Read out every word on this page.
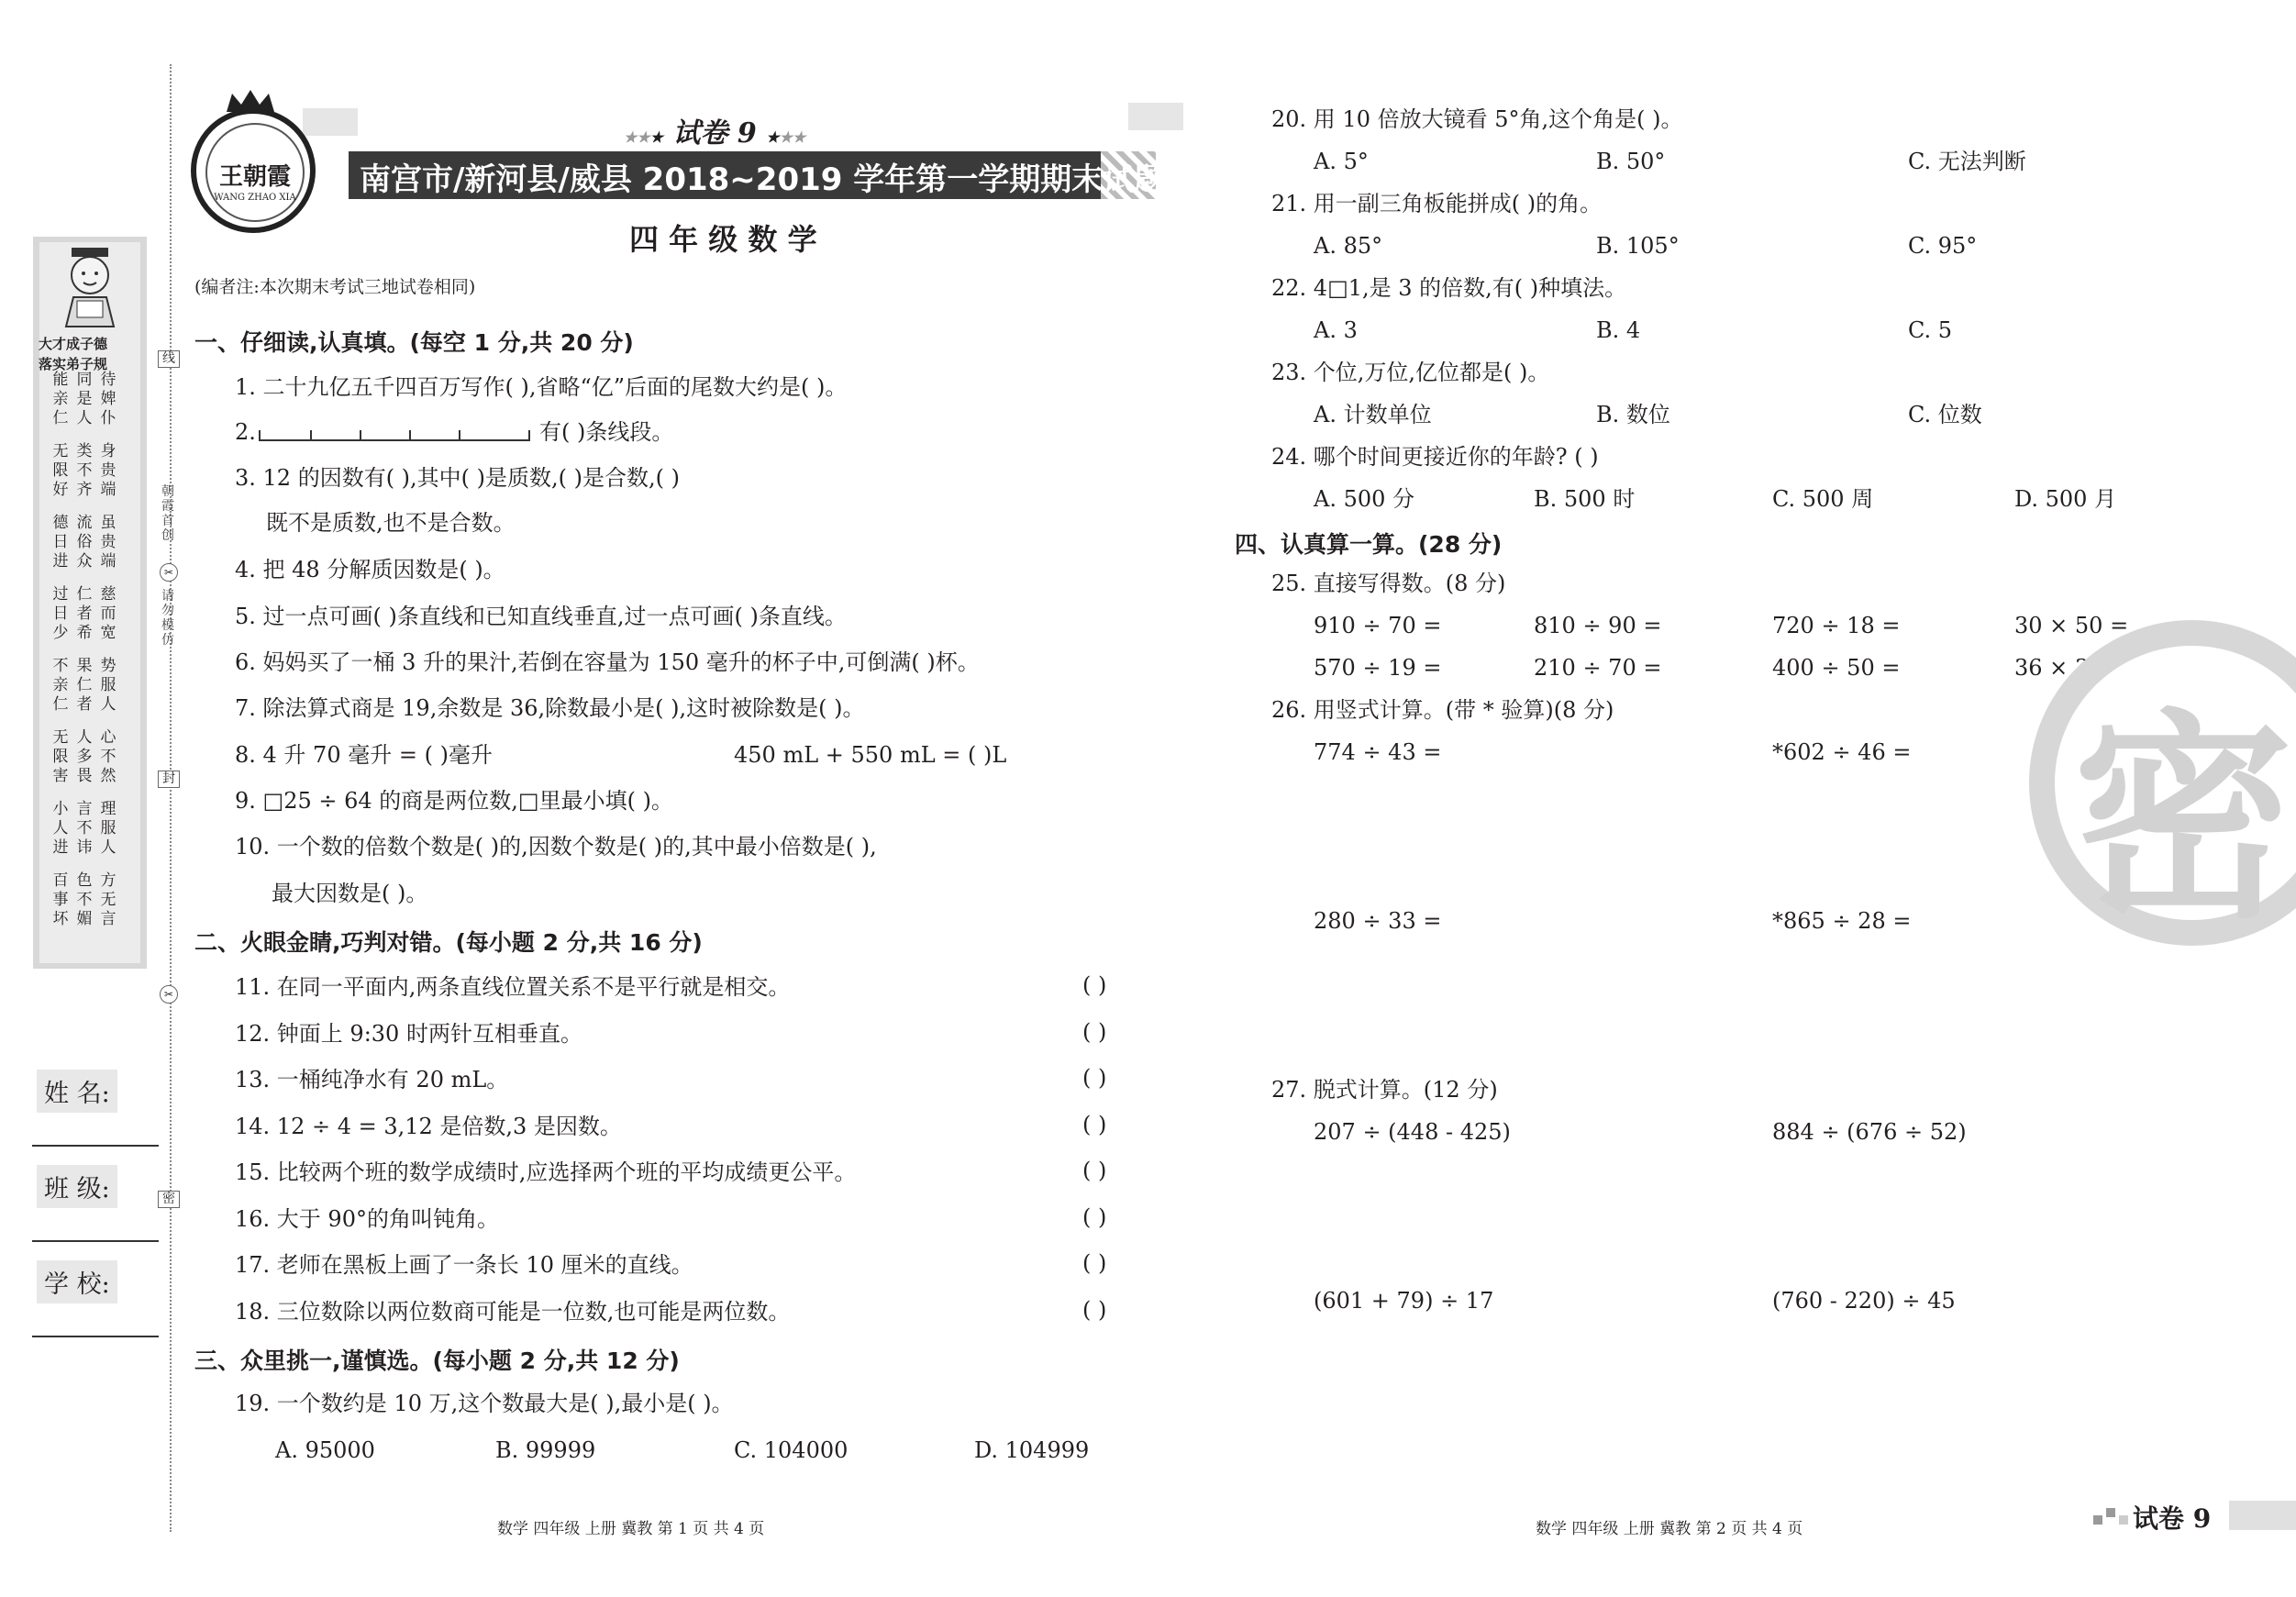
大才成子德
落实弟子规
能亲仁
同是人
待婢仆
无限好
类不齐
身贵端
德日进
流俗众
虽贵端
过日少
仁者希
慈而宽
不亲仁
果仁者
势服人
无限害
人多畏
心不然
小人进
言不讳
理服人
百事坏
色不媚
方无言
姓 名:
班 级:
学 校:
线
朝霞首创
✂
请勿模仿
封
✂
密
王朝霞
WANG ZHAO XIA
★★★ 试卷 9 ★★★
南宫市/新河县/威县 2018~2019 学年第一学期期末试题
四 年 级 数 学
(编者注:本次期末考试三地试卷相同)
一、仔细读,认真填。(每空 1 分,共 20 分)
1. 二十九亿五千四百万写作( ),省略“亿”后面的尾数大约是( )。
2.	有( )条线段。
3. 12 的因数有( ),其中( )是质数,( )是合数,( )
既不是质数,也不是合数。
4. 把 48 分解质因数是( )。
5. 过一点可画( )条直线和已知直线垂直,过一点可画( )条直线。
6. 妈妈买了一桶 3 升的果汁,若倒在容量为 150 毫升的杯子中,可倒满( )杯。
7. 除法算式商是 19,余数是 36,除数最小是( ),这时被除数是( )。
8. 4 升 70 毫升 = ( )毫升	450 mL + 550 mL = ( )L
9. □25 ÷ 64 的商是两位数,□里最小填( )。
10. 一个数的倍数个数是( )的,因数个数是( )的,其中最小倍数是( ),
最大因数是( )。
二、火眼金睛,巧判对错。(每小题 2 分,共 16 分)
11. 在同一平面内,两条直线位置关系不是平行就是相交。	( )
12. 钟面上 9:30 时两针互相垂直。	( )
13. 一桶纯净水有 20 mL。	( )
14. 12 ÷ 4 = 3,12 是倍数,3 是因数。	( )
15. 比较两个班的数学成绩时,应选择两个班的平均成绩更公平。	( )
16. 大于 90°的角叫钝角。	( )
17. 老师在黑板上画了一条长 10 厘米的直线。	( )
18. 三位数除以两位数商可能是一位数,也可能是两位数。	( )
三、众里挑一,谨慎选。(每小题 2 分,共 12 分)
19. 一个数约是 10 万,这个数最大是( ),最小是( )。
A. 95000	B. 99999	C. 104000	D. 104999
20. 用 10 倍放大镜看 5°角,这个角是( )。
A. 5°	B. 50°	C. 无法判断
21. 用一副三角板能拼成( )的角。
A. 85°	B. 105°	C. 95°
22. 4□1,是 3 的倍数,有( )种填法。
A. 3	B. 4	C. 5
23. 个位,万位,亿位都是( )。
A. 计数单位	B. 数位	C. 位数
24. 哪个时间更接近你的年龄? ( )
A. 500 分	B. 500 时	C. 500 周	D. 500 月
四、认真算一算。(28 分)
25. 直接写得数。(8 分)
910 ÷ 70 =	810 ÷ 90 =	720 ÷ 18 =	30 × 50 =
570 ÷ 19 =	210 ÷ 70 =	400 ÷ 50 =	36 × 3 =
26. 用竖式计算。(带 * 验算)(8 分)
774 ÷ 43 =	*602 ÷ 46 =
280 ÷ 33 =	*865 ÷ 28 =
27. 脱式计算。(12 分)
207 ÷ (448 - 425)	884 ÷ (676 ÷ 52)
(601 + 79) ÷ 17	(760 - 220) ÷ 45
密
数学 四年级 上册 冀教 第 1 页 共 4 页	数学 四年级 上册 冀教 第 2 页 共 4 页	试卷 9
